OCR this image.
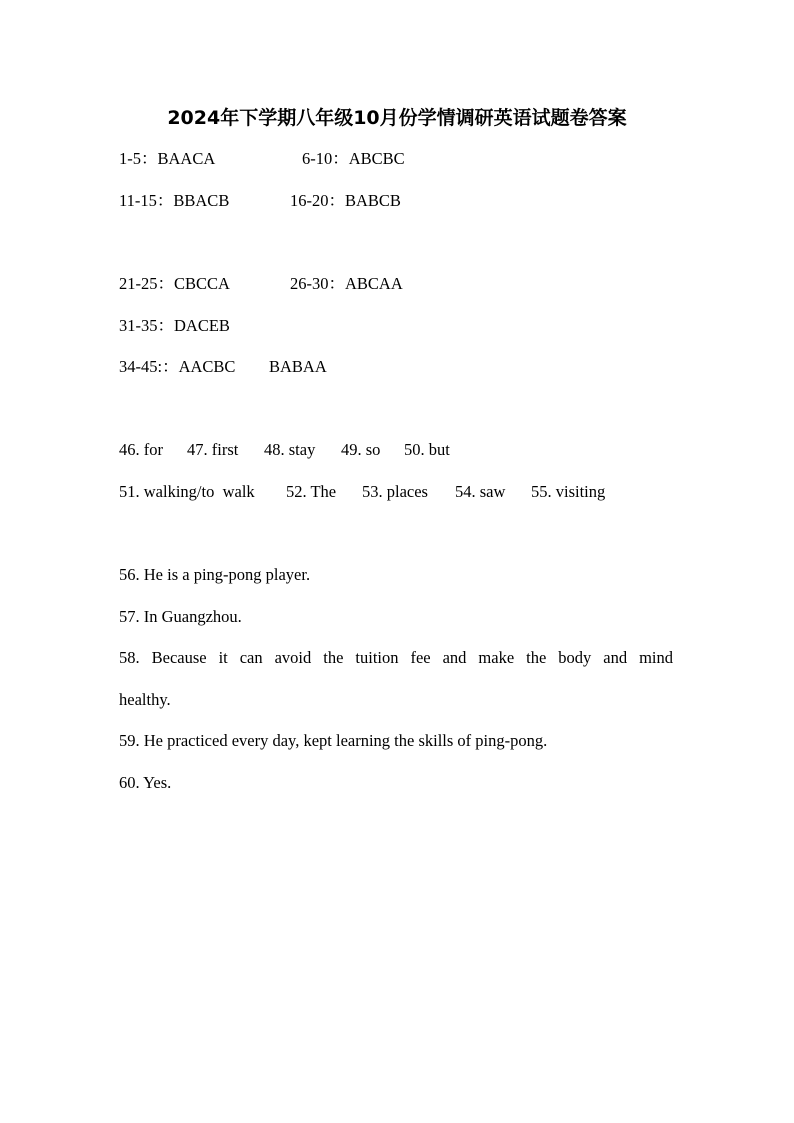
2024年下学期八年级10月份学情调研英语试题卷答案
1-5：BAACA	6-10：ABCBC
11-15：BBACB	16-20：BABCB
21-25：CBCCA	26-30：ABCAA
31-35：DACEB
34-45:：AACBC BABAA
46. for 47. first 48. stay 49. so 50. but
51. walking/to  walk 52. The 53. places 54. saw 55. visiting
56. He is a ping-pong player.
57. In Guangzhou.
58. Because it can avoid the tuition fee and make the body and mind
healthy.
59. He practiced every day, kept learning the skills of ping-pong.
60. Yes.
